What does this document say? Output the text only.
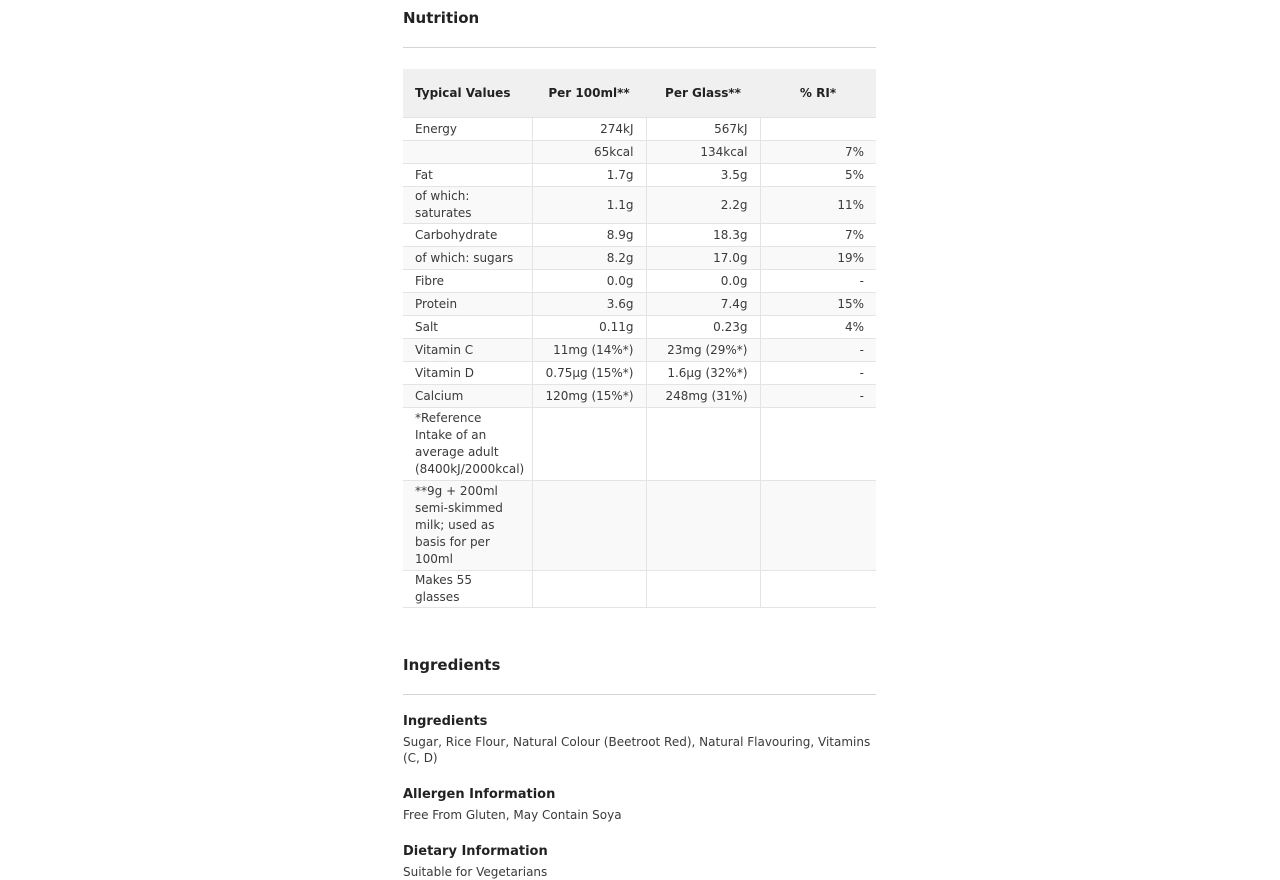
Nutrition
Typical Values	Per 100ml**	Per Glass**	% RI*
Energy	274kJ	567kJ	
	65kcal	134kcal	7%
Fat	1.7g	3.5g	5%
of which: saturates	1.1g	2.2g	11%
Carbohydrate	8.9g	18.3g	7%
of which: sugars	8.2g	17.0g	19%
Fibre	0.0g	0.0g	-
Protein	3.6g	7.4g	15%
Salt	0.11g	0.23g	4%
Vitamin C	11mg (14%*)	23mg (29%*)	-
Vitamin D	0.75µg (15%*)	1.6µg (32%*)	-
Calcium	120mg (15%*)	248mg (31%)	-
*Reference Intake of an average adult (8400kJ/2000kcal)			
**9g + 200ml semi-skimmed milk; used as basis for per 100ml			
Makes 55 glasses			
Ingredients
Ingredients

Sugar, Rice Flour, Natural Colour (Beetroot Red), Natural Flavouring, Vitamins (C, D)

Allergen Information

Free From Gluten, May Contain Soya

Dietary Information

Suitable for Vegetarians
